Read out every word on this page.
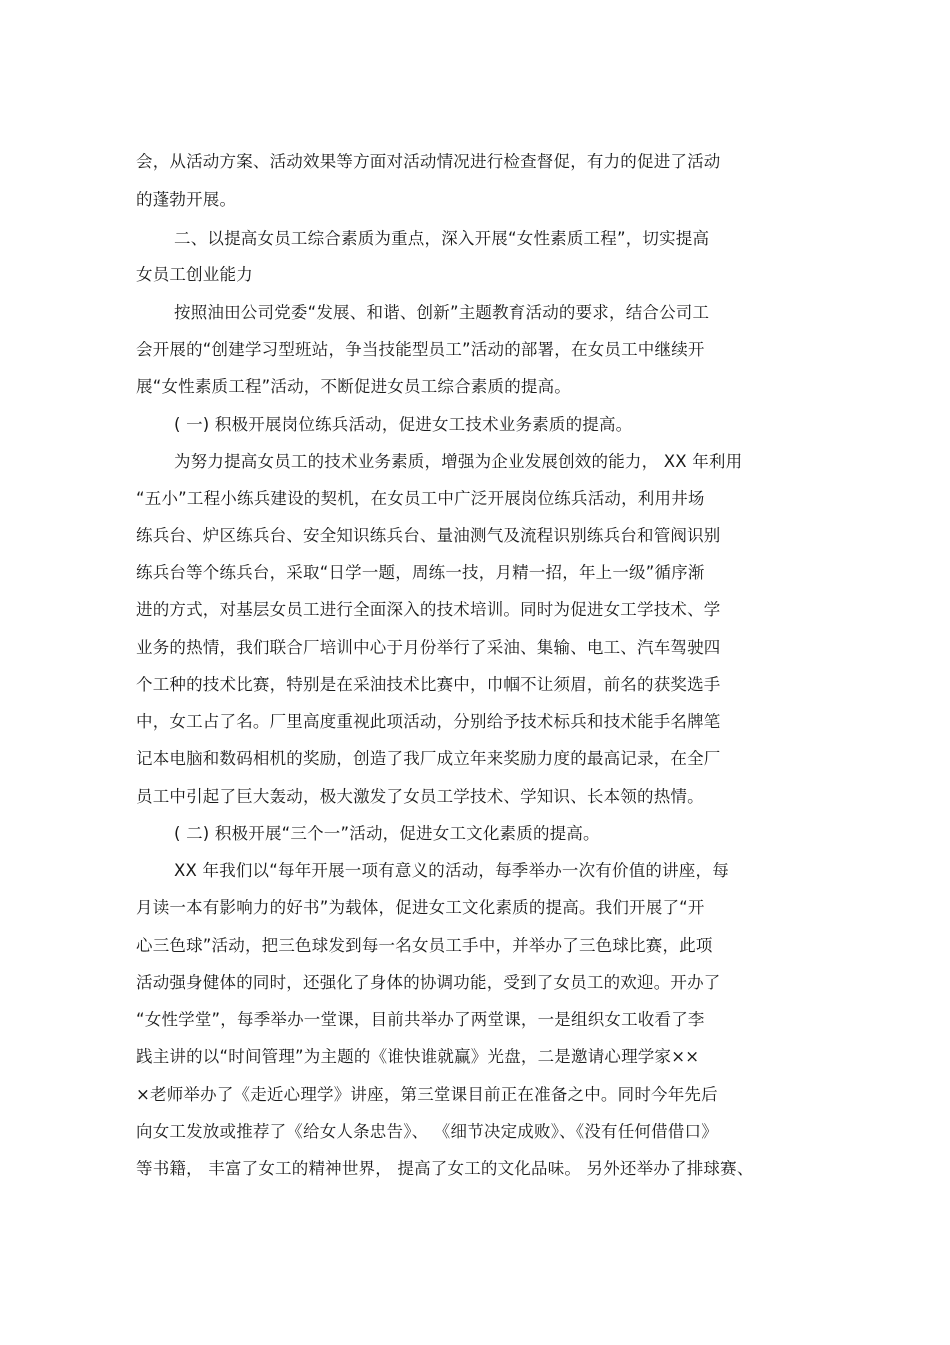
会，从活动方案、活动效果等方面对活动情况进行检查督促，有力的促进了活动
的蓬勃开展。
二、以提高女员工综合素质为重点，深入开展“女性素质工程”，切实提高
女员工创业能力
按照油田公司党委“发展、和谐、创新”主题教育活动的要求，结合公司工
会开展的“创建学习型班站，争当技能型员工”活动的部署，在女员工中继续开
展“女性素质工程”活动，不断促进女员工综合素质的提高。
( 一) 积极开展岗位练兵活动，促进女工技术业务素质的提高。
为努力提高女员工的技术业务素质，增强为企业发展创效的能力， XX 年利用
“五小”工程小练兵建设的契机，在女员工中广泛开展岗位练兵活动，利用井场
练兵台、炉区练兵台、安全知识练兵台、量油测气及流程识别练兵台和管阀识别
练兵台等个练兵台，采取“日学一题，周练一技，月精一招，年上一级”循序渐
进的方式，对基层女员工进行全面深入的技术培训。同时为促进女工学技术、学
业务的热情，我们联合厂培训中心于月份举行了采油、集输、电工、汽车驾驶四
个工种的技术比赛，特别是在采油技术比赛中，巾帼不让须眉，前名的获奖选手
中，女工占了名。厂里高度重视此项活动，分别给予技术标兵和技术能手名牌笔
记本电脑和数码相机的奖励，创造了我厂成立年来奖励力度的最高记录，在全厂
员工中引起了巨大轰动，极大激发了女员工学技术、学知识、长本领的热情。
( 二) 积极开展“三个一”活动，促进女工文化素质的提高。
XX 年我们以“每年开展一项有意义的活动，每季举办一次有价值的讲座，每
月读一本有影响力的好书”为载体，促进女工文化素质的提高。我们开展了“开
心三色球”活动，把三色球发到每一名女员工手中，并举办了三色球比赛，此项
活动强身健体的同时，还强化了身体的协调功能，受到了女员工的欢迎。开办了
“女性学堂”，每季举办一堂课，目前共举办了两堂课，一是组织女工收看了李
践主讲的以“时间管理”为主题的《谁快谁就赢》光盘，二是邀请心理学家××
×老师举办了《走近心理学》讲座，第三堂课目前正在准备之中。同时今年先后
向女工发放或推荐了《给女人条忠告》、 《细节决定成败》、《没有任何借借口》
等书籍， 丰富了女工的精神世界， 提高了女工的文化品味。 另外还举办了排球赛、
